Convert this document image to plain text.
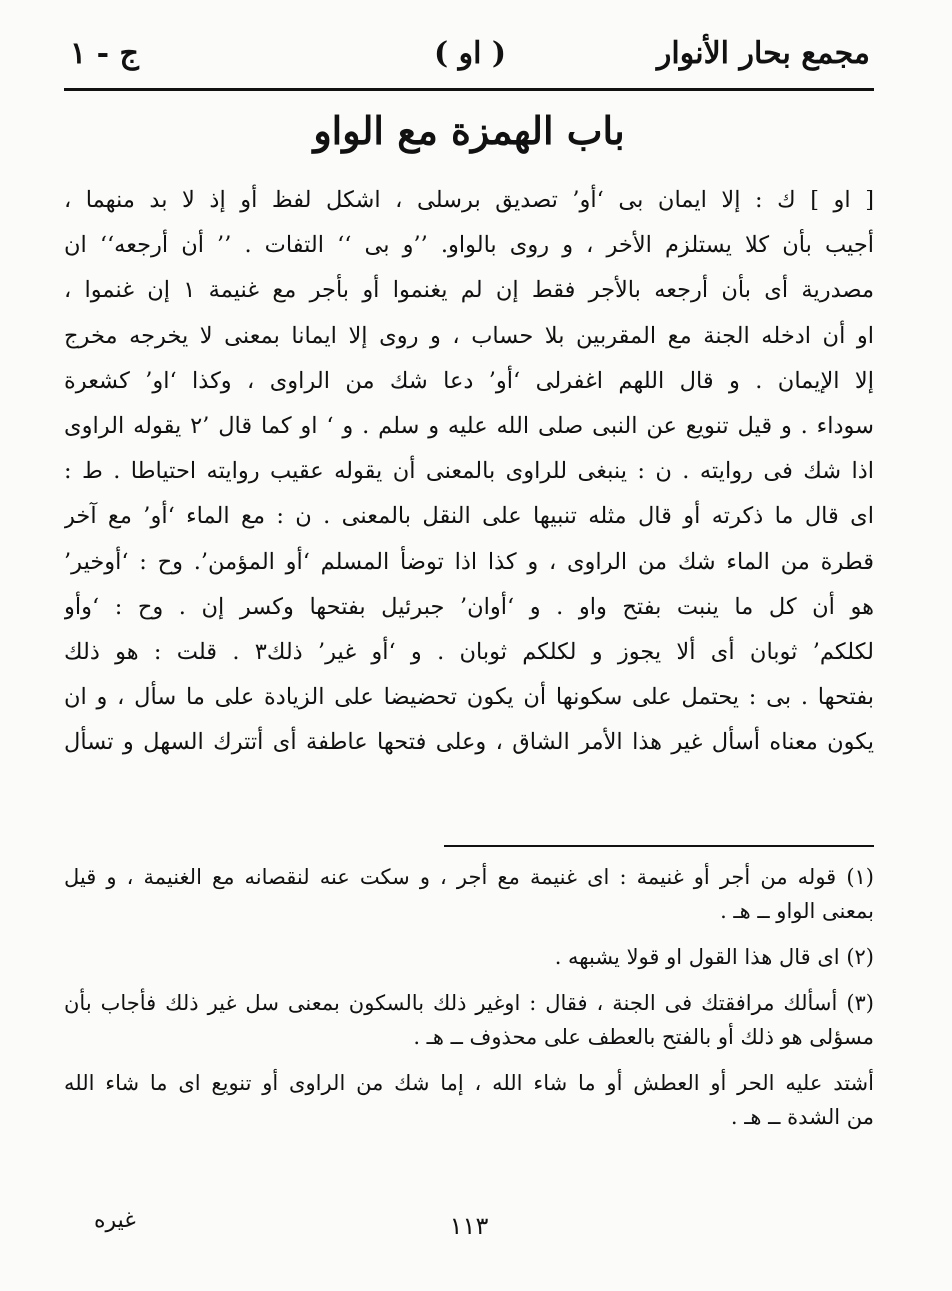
مجمع بحار الأنوار
( او )
ج - ١
باب الهمزة مع الواو
[ او ] ك : إلا ايمان بى ‘أو’ تصديق برسلى ، اشكل لفظ أو إذ لا بد منهما ،
أجيب بأن كلا يستلزم الأخر ، و روى بالواو. ’’و بى ‘‘ التفات . ’’ أن أرجعه‘‘ ان
مصدرية أى بأن أرجعه بالأجر فقط إن لم يغنموا أو بأجر مع غنيمة ١ إن غنموا ،
او أن ادخله الجنة مع المقربين بلا حساب ، و روى إلا ايمانا بمعنى لا يخرجه مخرج
إلا الإيمان . و قال اللهم اغفرلى ‘أو’ دعا شك من الراوى ، وكذا ‘او’ كشعرة
سوداء . و قيل تنويع عن النبى صلى الله عليه و سلم . و ‘ او كما قال ’٢ يقوله الراوى
اذا شك فى روايته . ن : ينبغى للراوى بالمعنى أن يقوله عقيب روايته احتياطا . ط :
اى قال ما ذكرته أو قال مثله تنبيها على النقل بالمعنى . ن : مع الماء ‘أو’ مع آخر
قطرة من الماء شك من الراوى ، و كذا اذا توضأ المسلم ‘أو المؤمن’. وح : ‘أوخير’
هو أن كل ما ينبت بفتح واو . و ‘أوان’ جبرئيل بفتحها وكسر إن . وح : ‘وأو
لكلكم’ ثوبان أى ألا يجوز و لكلكم ثوبان . و ‘أو غير’ ذلك٣ . قلت : هو ذلك
بفتحها . بى : يحتمل على سكونها أن يكون تحضيضا على الزيادة على ما سأل ، و ان
يكون معناه أسأل غير هذا الأمر الشاق ، وعلى فتحها عاطفة أى أتترك السهل و تسأل
(١) قوله من أجر أو غنيمة : اى غنيمة مع أجر ، و سكت عنه لنقصانه مع الغنيمة ، و قيل
بمعنى الواو ــ هـ .
(٢) اى قال هذا القول او قولا يشبهه .
(٣) أسألك مرافقتك فى الجنة ، فقال : اوغير ذلك بالسكون بمعنى سل غير ذلك فأجاب بأن
مسؤلى هو ذلك أو بالفتح بالعطف على محذوف ــ هـ .
أشتد عليه الحر أو العطش أو ما شاء الله ، إما شك من الراوى أو تنويع اى ما شاء الله
من الشدة ــ هـ .
١١٣
غيره
